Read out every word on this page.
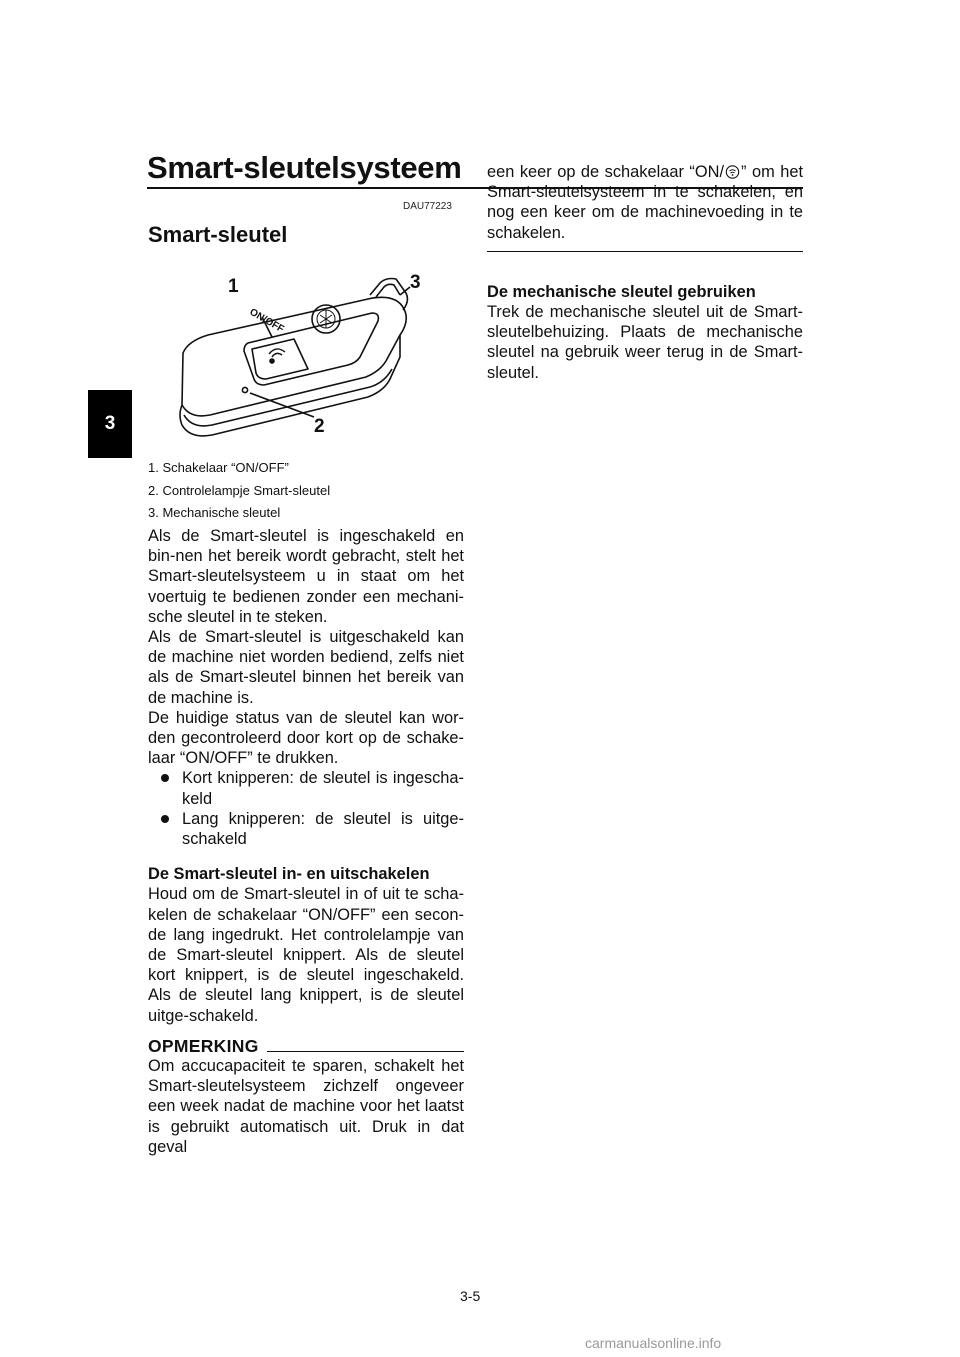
Smart-sleutelsysteem
3
DAU77223
Smart-sleutel
ON/OFF
1
2
3
1. Schakelaar “ON/OFF”
2. Controlelampje Smart-sleutel
3. Mechanische sleutel

Als de Smart-sleutel is ingeschakeld en bin-nen het bereik wordt gebracht, stelt het Smart-sleutelsysteem u in staat om het voertuig te bedienen zonder een mechani-sche sleutel in te steken.

Als de Smart-sleutel is uitgeschakeld kan de machine niet worden bediend, zelfs niet als de Smart-sleutel binnen het bereik van de machine is.

De huidige status van de sleutel kan wor-den gecontroleerd door kort op de schake-laar “ON/OFF” te drukken.

Kort knipperen: de sleutel is ingescha-keld
Lang knipperen: de sleutel is uitge-schakeld

De Smart-sleutel in- en uitschakelen

Houd om de Smart-sleutel in of uit te scha-kelen de schakelaar “ON/OFF” een secon-de lang ingedrukt. Het controlelampje van de Smart-sleutel knippert. Als de sleutel kort knippert, is de sleutel ingeschakeld. Als de sleutel lang knippert, is de sleutel uitge-schakeld.

OPMERKING

Om accucapaciteit te sparen, schakelt het Smart-sleutelsysteem zichzelf ongeveer een week nadat de machine voor het laatst is gebruikt automatisch uit. Druk in dat geval

een keer op de schakelaar “ON/ ” om het Smart-sleutelsysteem in te schakelen, en nog een keer om de machinevoeding in te schakelen.

De mechanische sleutel gebruiken

Trek de mechanische sleutel uit de Smart-sleutelbehuizing. Plaats de mechanische sleutel na gebruik weer terug in de Smart-sleutel.

3-5
carmanualsonline.info
